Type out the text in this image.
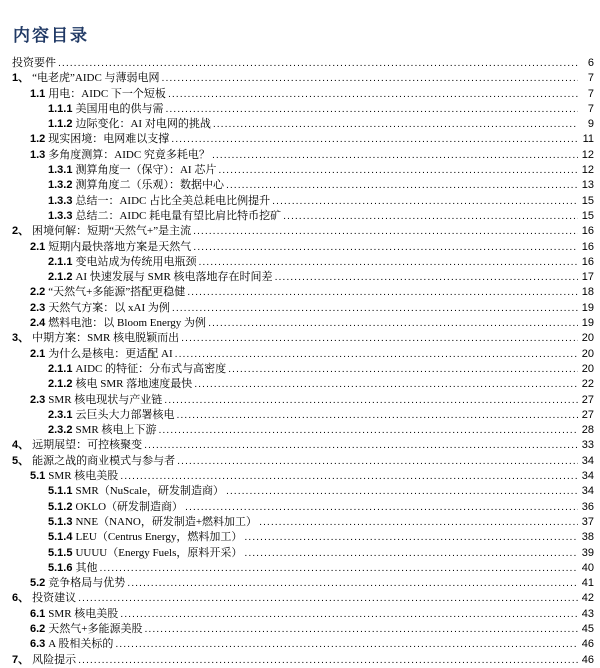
内容目录
投资要件 .....	6
1、 “电老虎”AIDC 与薄弱电网 .....	7
1.1 用电：AIDC 下一个短板 .....	7
1.1.1 美国用电的供与需 .....	7
1.1.2 边际变化：AI 对电网的挑战 .....	9
1.2 现实困境：电网难以支撑 .....	11
1.3 多角度测算：AIDC 究竟多耗电？ .....	12
1.3.1 测算角度一（保守）：AI 芯片 .....	12
1.3.2 测算角度二（乐观）：数据中心 .....	13
1.3.3 总结一：AIDC 占比全美总耗电比例提升 .....	15
1.3.3 总结二：AIDC 耗电量有望比肩比特币挖矿 .....	15
2、 困境何解：短期“天然气+”是主流 .....	16
2.1 短期内最快落地方案是天然气 .....	16
2.1.1 变电站成为传统用电瓶颈 .....	16
2.1.2 AI 快速发展与 SMR 核电落地存在时间差 .....	17
2.2 “天然气+多能源”搭配更稳健 .....	18
2.3 天然气方案：以 xAI 为例 .....	19
2.4 燃料电池：以 Bloom Energy 为例 .....	19
3、 中期方案：SMR 核电脱颖而出 .....	20
2.1 为什么是核电：更适配 AI .....	20
2.1.1 AIDC 的特征：分布式与高密度 .....	20
2.1.2 核电 SMR 落地速度最快 .....	22
2.3 SMR 核电现状与产业链 .....	27
2.3.1 云巨头大力部署核电 .....	27
2.3.2 SMR 核电上下游 .....	28
4、 远期展望：可控核聚变 .....	33
5、 能源之战的商业模式与参与者 .....	34
5.1 SMR 核电美股 .....	34
5.1.1 SMR（NuScale，研发制造商） .....	34
5.1.2 OKLO（研发制造商） .....	36
5.1.3 NNE（NANO，研发制造+燃料加工） .....	37
5.1.4 LEU（Centrus Energy，燃料加工） .....	38
5.1.5 UUUU（Energy Fuels，原料开采） .....	39
5.1.6 其他 .....	40
5.2 竞争格局与优势 .....	41
6、 投资建议 .....	42
6.1 SMR 核电美股 .....	43
6.2 天然气+多能源美股 .....	45
6.3 A 股相关标的 .....	46
7、 风险提示 .....	46
